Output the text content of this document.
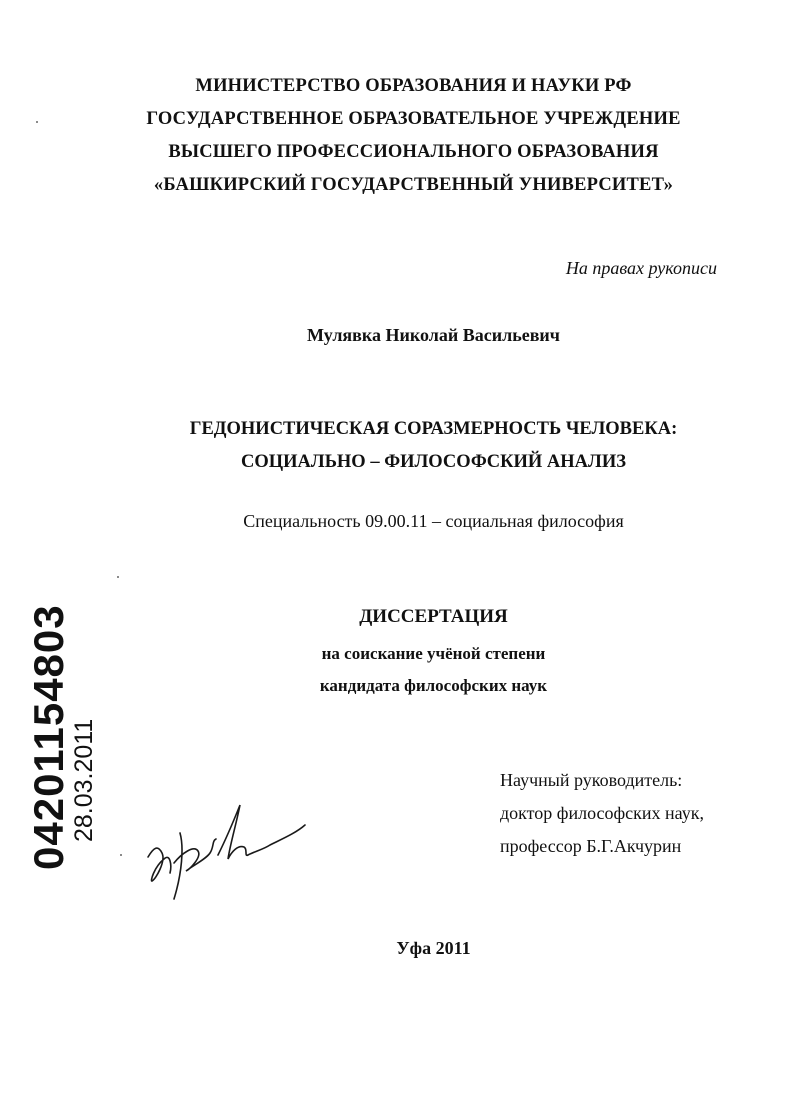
МИНИСТЕРСТВО ОБРАЗОВАНИЯ И НАУКИ РФ
ГОСУДАРСТВЕННОЕ ОБРАЗОВАТЕЛЬНОЕ УЧРЕЖДЕНИЕ
ВЫСШЕГО ПРОФЕССИОНАЛЬНОГО ОБРАЗОВАНИЯ
«БАШКИРСКИЙ ГОСУДАРСТВЕННЫЙ УНИВЕРСИТЕТ»
На правах рукописи
Мулявка Николай Васильевич
ГЕДОНИСТИЧЕСКАЯ СОРАЗМЕРНОСТЬ ЧЕЛОВЕКА:
СОЦИАЛЬНО – ФИЛОСОФСКИЙ АНАЛИЗ
Специальность 09.00.11 – социальная философия
ДИССЕРТАЦИЯ
на соискание учёной степени
кандидата философских наук
Научный руководитель:
доктор философских наук,
профессор Б.Г.Акчурин
Уфа 2011
04201154803
28.03.2011
